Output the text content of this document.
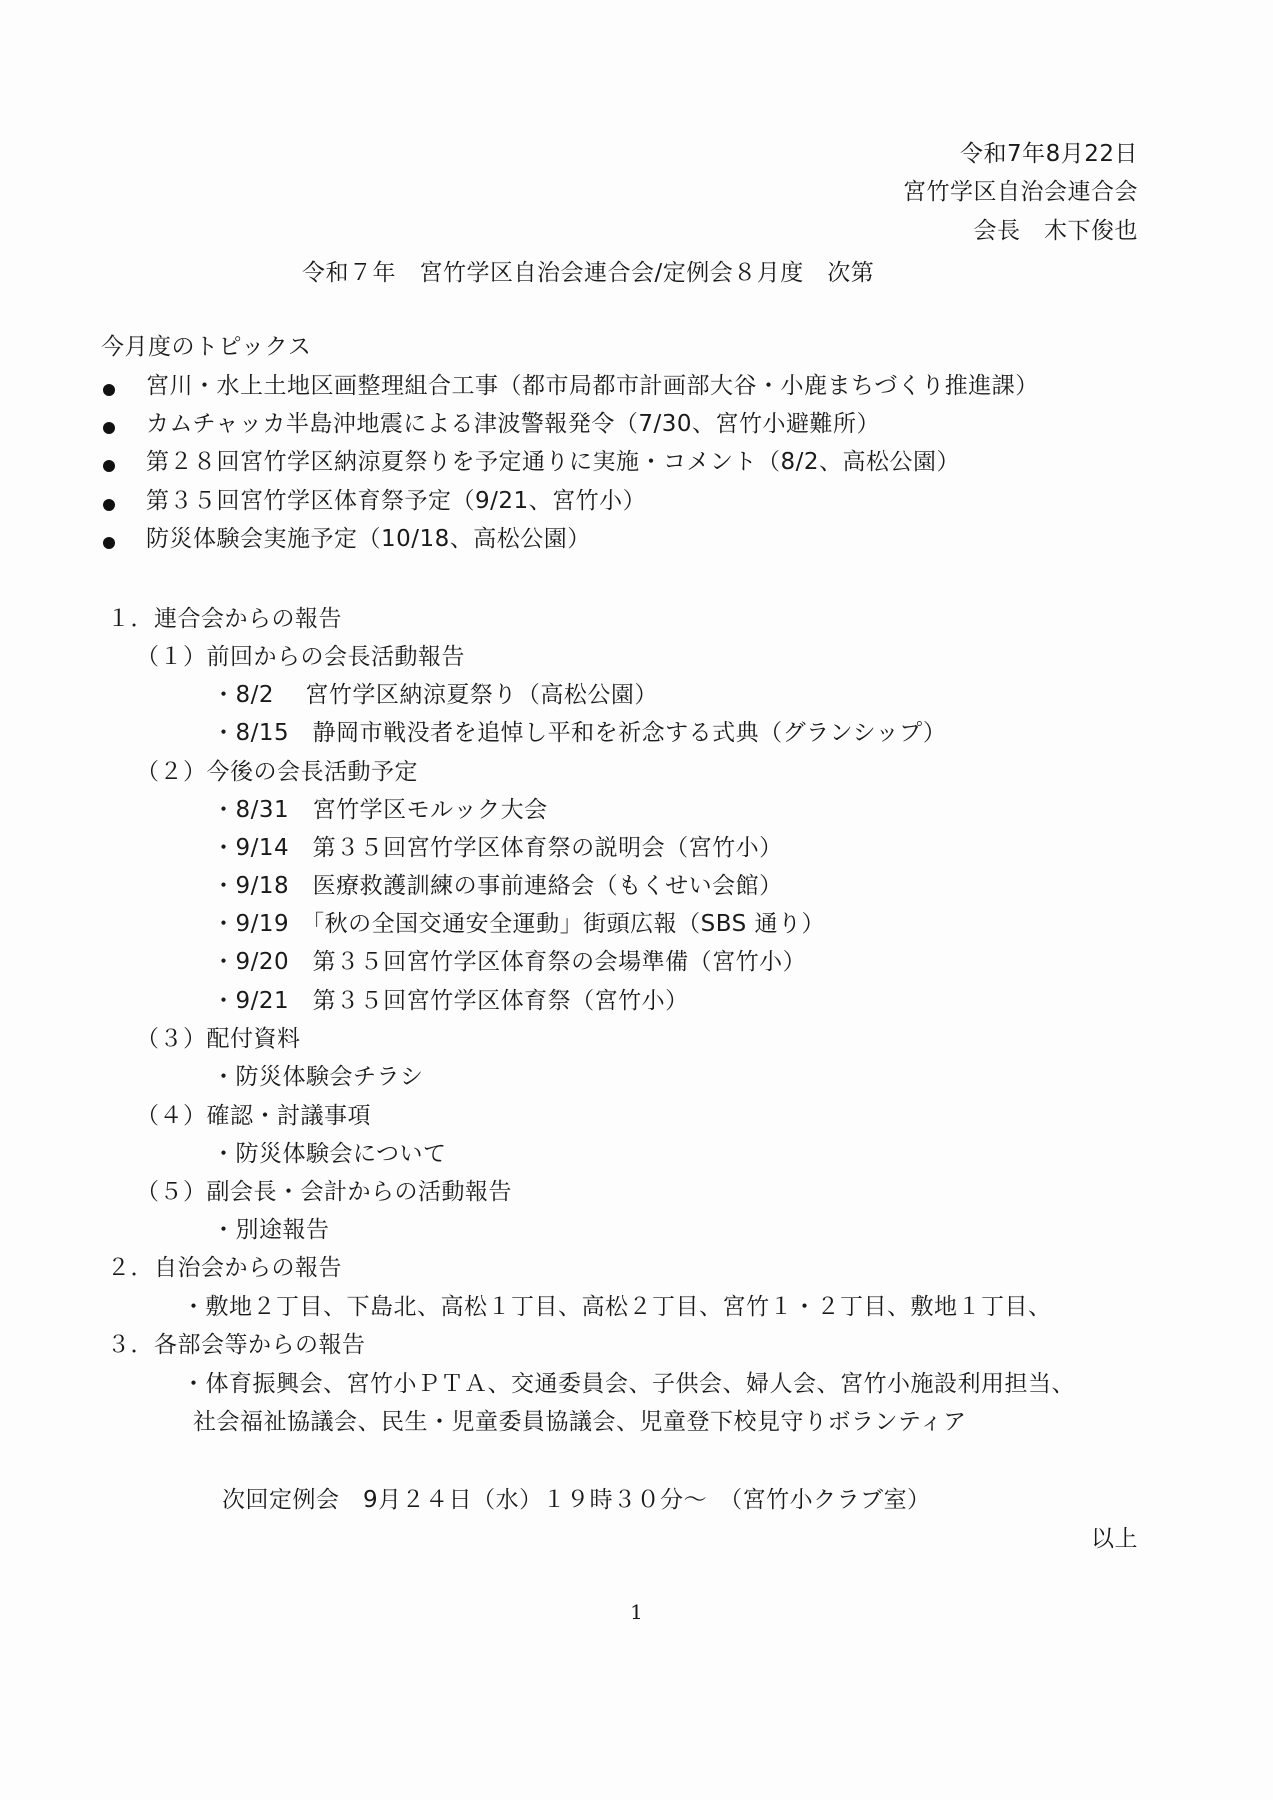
令和7年8月22日
宮竹学区自治会連合会
会長　木下俊也
令和７年　宮竹学区自治会連合会/定例会８月度　次第
今月度のトピックス
宮川・水上土地区画整理組合工事（都市局都市計画部大谷・小鹿まちづくり推進課）
カムチャッカ半島沖地震による津波警報発令（7/30、宮竹小避難所）
第２８回宮竹学区納涼夏祭りを予定通りに実施・コメント（8/2、高松公園）
第３５回宮竹学区体育祭予定（9/21、宮竹小）
防災体験会実施予定（10/18、高松公園）
１．連合会からの報告
（１）前回からの会長活動報告
・8/2　 宮竹学区納涼夏祭り（高松公園）
・8/15　静岡市戦没者を追悼し平和を祈念する式典（グランシップ）
（２）今後の会長活動予定
・8/31　宮竹学区モルック大会
・9/14　第３５回宮竹学区体育祭の説明会（宮竹小）
・9/18　医療救護訓練の事前連絡会（もくせい会館）
・9/19　「秋の全国交通安全運動」街頭広報（SBS 通り）
・9/20　第３５回宮竹学区体育祭の会場準備（宮竹小）
・9/21　第３５回宮竹学区体育祭（宮竹小）
（３）配付資料
・防災体験会チラシ
（４）確認・討議事項
・防災体験会について
（５）副会長・会計からの活動報告
・別途報告
２．自治会からの報告
・敷地２丁目、下島北、高松１丁目、高松２丁目、宮竹１・２丁目、敷地１丁目、
３．各部会等からの報告
・体育振興会、宮竹小ＰＴＡ、交通委員会、子供会、婦人会、宮竹小施設利用担当、
社会福祉協議会、民生・児童委員協議会、児童登下校見守りボランティア
次回定例会　9月２４日（水）１９時３０分～　（宮竹小クラブ室）
以上
1
